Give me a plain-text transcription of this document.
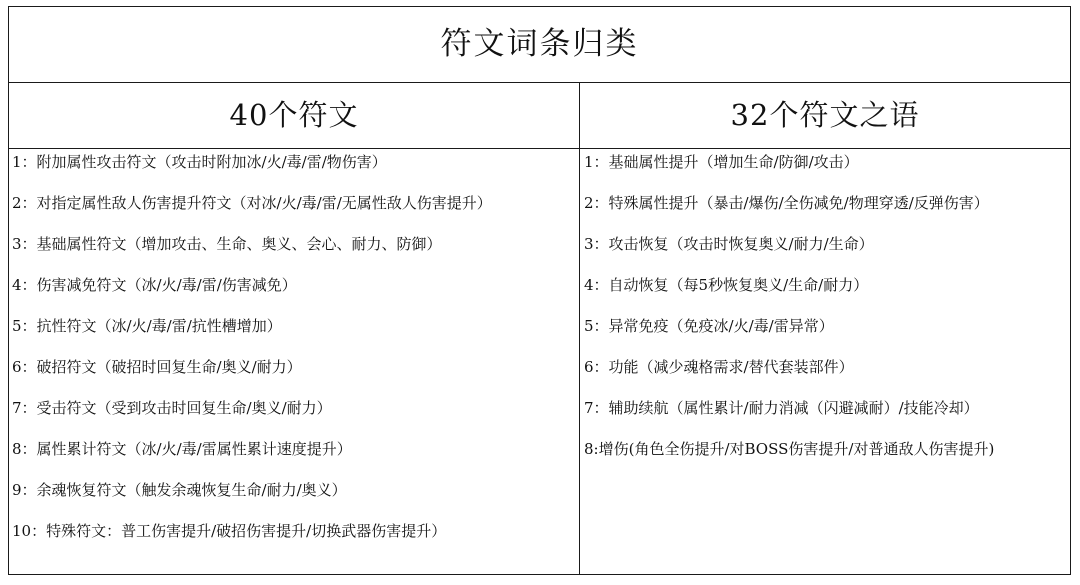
符文词条归类
40个符文
1：附加属性攻击符文（攻击时附加冰/火/毒/雷/物伤害）
2：对指定属性敌人伤害提升符文（对冰/火/毒/雷/无属性敌人伤害提升）
3：基础属性符文（增加攻击、生命、奥义、会心、耐力、防御）
4：伤害减免符文（冰/火/毒/雷/伤害减免）
5：抗性符文（冰/火/毒/雷/抗性槽增加）
6：破招符文（破招时回复生命/奥义/耐力）
7：受击符文（受到攻击时回复生命/奥义/耐力）
8：属性累计符文（冰/火/毒/雷属性累计速度提升）
9：余魂恢复符文（触发余魂恢复生命/耐力/奥义）
10：特殊符文：普工伤害提升/破招伤害提升/切换武器伤害提升）
32个符文之语
1：基础属性提升（增加生命/防御/攻击）
2：特殊属性提升（暴击/爆伤/全伤减免/物理穿透/反弹伤害）
3：攻击恢复（攻击时恢复奥义/耐力/生命）
4：自动恢复（每5秒恢复奥义/生命/耐力）
5：异常免疫（免疫冰/火/毒/雷异常）
6：功能（减少魂格需求/替代套装部件）
7：辅助续航（属性累计/耐力消减（闪避减耐）/技能冷却）
8:增伤(角色全伤提升/对BOSS伤害提升/对普通敌人伤害提升)
